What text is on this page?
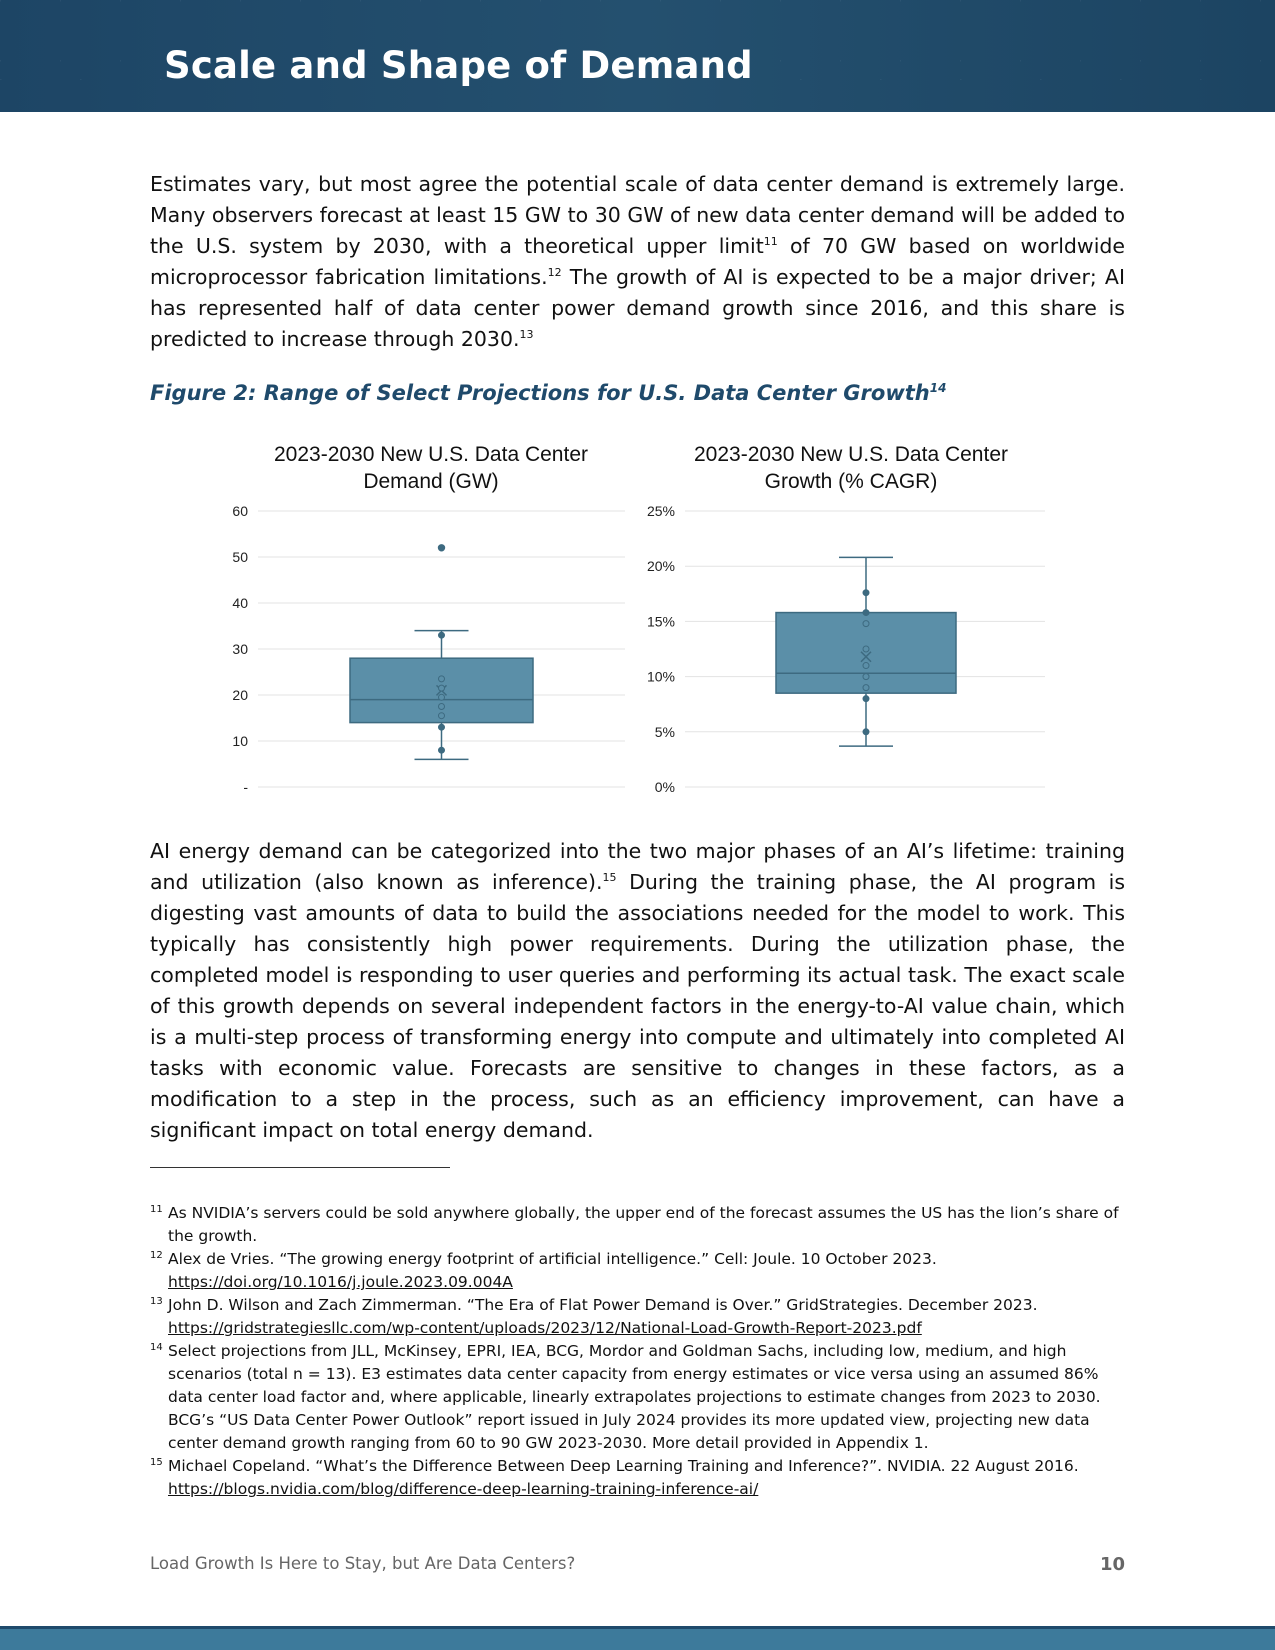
Scale and Shape of Demand
Estimates vary, but most agree the potential scale of data center demand is extremely large. Many observers forecast at least 15 GW to 30 GW of new data center demand will be added to the U.S. system by 2030, with a theoretical upper limit$^{11}$ of 70 GW based on worldwide microprocessor fabrication limitations.$^{12}$ The growth of AI is expected to be a major driver; AI has represented half of data center power demand growth since 2016, and this share is predicted to increase through 2030.13
Figure 2: Range of Select Projections for U.S. Data Center Growth$^{14}$
2023-2030 New U.S. Data Center
Demand (GW)
-
10
20
30
40
50
60
2023-2030 New U.S. Data Center
Growth (% CAGR)
0%
5%
10%
15%
20%
25%
AI energy demand can be categorized into the two major phases of an AI’s lifetime: training and utilization (also known as inference).$^{15}$ During the training phase, the AI program is digesting vast amounts of data to build the associations needed for the model to work. This typically has consistently high power requirements. During the utilization phase, the completed model is responding to user queries and performing its actual task. The exact scale of this growth depends on several independent factors in the energy-to-AI value chain, which is a multi-step process of transforming energy into compute and ultimately into completed AI tasks with economic value. Forecasts are sensitive to changes in these factors, as a modification to a step in the process, such as an efficiency improvement, can have a significant impact on total energy demand.
11 As NVIDIA’s servers could be sold anywhere globally, the upper end of the forecast assumes the US has the lion’s share of the growth.
12 Alex de Vries. “The growing energy footprint of artificial intelligence.” Cell: Joule. 10 October 2023.
https://doi.org/10.1016/j.joule.2023.09.004A
13 John D. Wilson and Zach Zimmerman. “The Era of Flat Power Demand is Over.” GridStrategies. December 2023.
https://gridstrategiesllc.com/wp-content/uploads/2023/12/National-Load-Growth-Report-2023.pdf
14 Select projections from JLL, McKinsey, EPRI, IEA, BCG, Mordor and Goldman Sachs, including low, medium, and high scenarios (total n = 13). E3 estimates data center capacity from energy estimates or vice versa using an assumed 86% data center load factor and, where applicable, linearly extrapolates projections to estimate changes from 2023 to 2030. BCG’s “US Data Center Power Outlook” report issued in July 2024 provides its more updated view, projecting new data center demand growth ranging from 60 to 90 GW 2023-2030. More detail provided in Appendix 1.
15 Michael Copeland. “What’s the Difference Between Deep Learning Training and Inference?”. NVIDIA. 22 August 2016.
https://blogs.nvidia.com/blog/difference-deep-learning-training-inference-ai/
Load Growth Is Here to Stay, but Are Data Centers?	10
